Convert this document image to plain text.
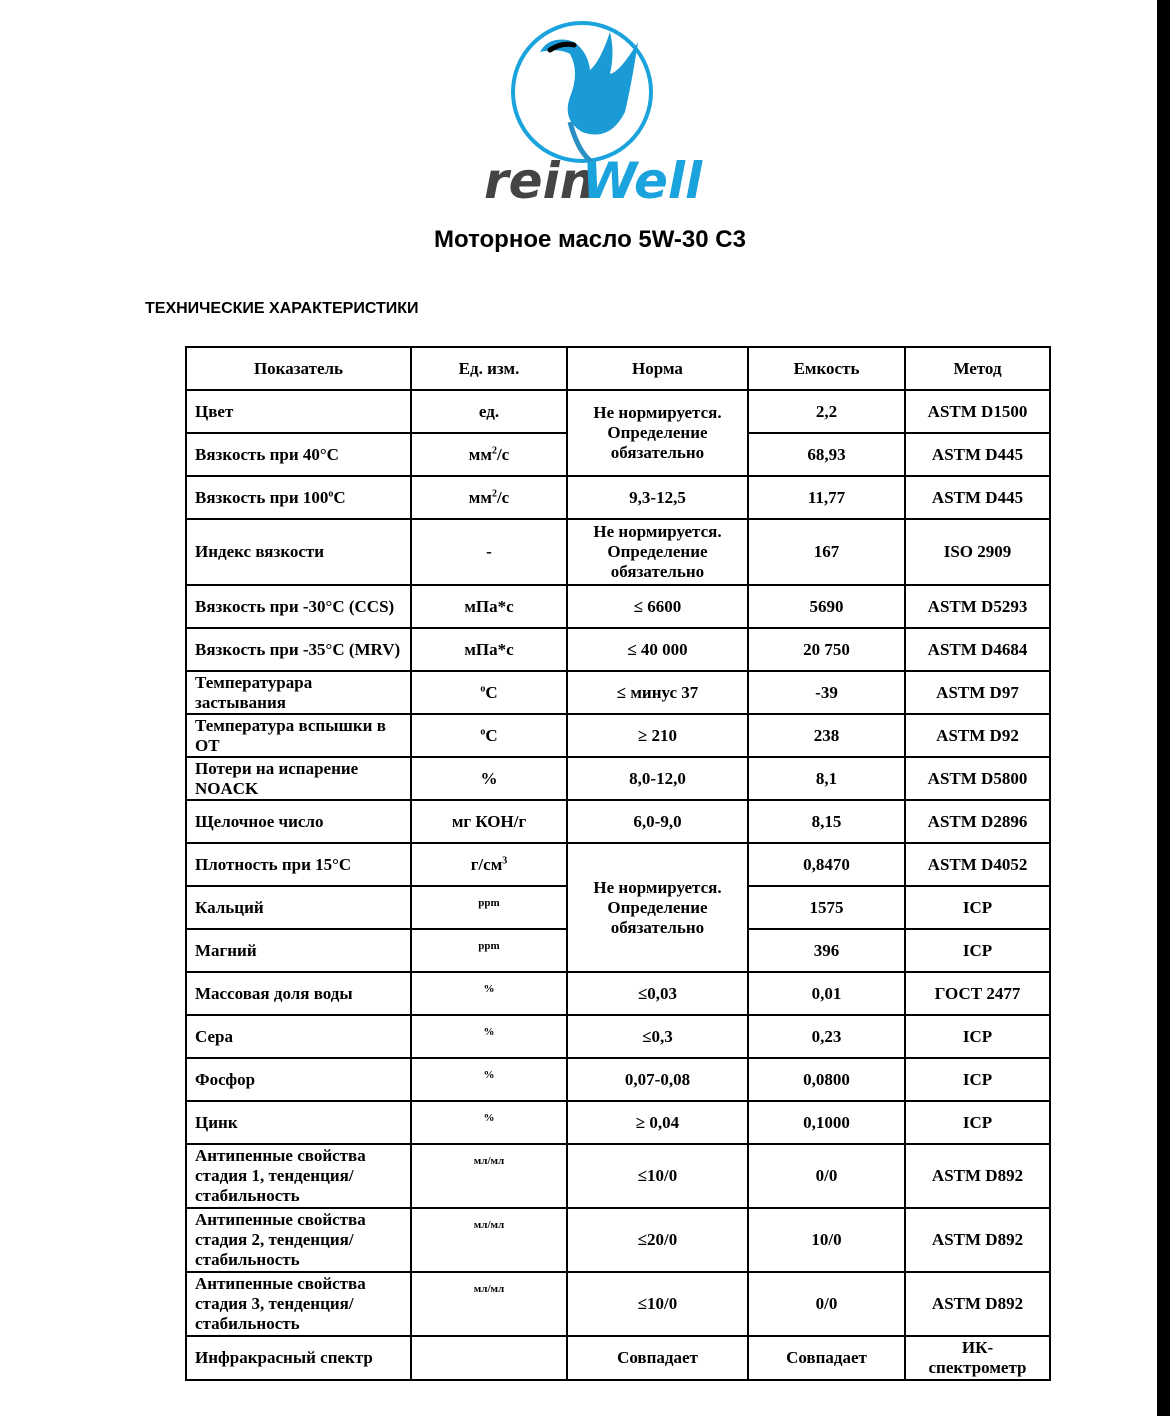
rein
Well
Моторное масло 5W-30 C3
ТЕХНИЧЕСКИЕ ХАРАКТЕРИСТИКИ
Показатель	Ед. изм.	Норма	Емкость	Метод
Цвет	ед.	Не нормируется. Определение обязательно	2,2	ASTM D1500
Вязкость при 40°С	$мм^2/с$		68,93	ASTM D445
Вязкость при $100^оС$	$мм^2/с$	9,3-12,5	11,77	ASTM D445
Индекс вязкости	-	Не нормируется. Определение обязательно	167	ISO 2909
Вязкость при -30°С (CCS)	мПа*с	≤ 6600	5690	ASTM D5293
Вязкость при -35°С (MRV)	мПа*с	≤ 40 000	20 750	ASTM D4684
Температурара застывания	$^о$С	≤ минус 37	-39	ASTM D97
Температура вспышки в ОТ	$^о$С	≥ 210	238	ASTM D92
Потери на испарение NOACK	%	8,0-12,0	8,1	ASTM D5800
Щелочное число	мг КОН/г	6,0-9,0	8,15	ASTM D2896
Плотность при 15°С	$г/см^3$	Не нормируется. Определение обязательно	0,8470	ASTM D4052
Кальций	ppm		1575	ICP
Магний	ppm		396	ICP
Массовая доля воды	%	≤0,03	0,01	ГОСТ 2477
Сера	%	≤0,3	0,23	ICP
Фосфор	%	0,07-0,08	0,0800	ICP
Цинк	%	≥ 0,04	0,1000	ICP
Антипенные свойства стадия 1, тенденция/стабильность	мл/мл	≤10/0	0/0	ASTM D892
Антипенные свойства стадия 2, тенденция/стабильность	мл/мл	≤20/0	10/0	ASTM D892
Антипенные свойства стадия 3, тенденция/стабильность	мл/мл	≤10/0	0/0	ASTM D892
Инфракрасный спектр		Совпадает	Совпадает	ИК-спектрометр
